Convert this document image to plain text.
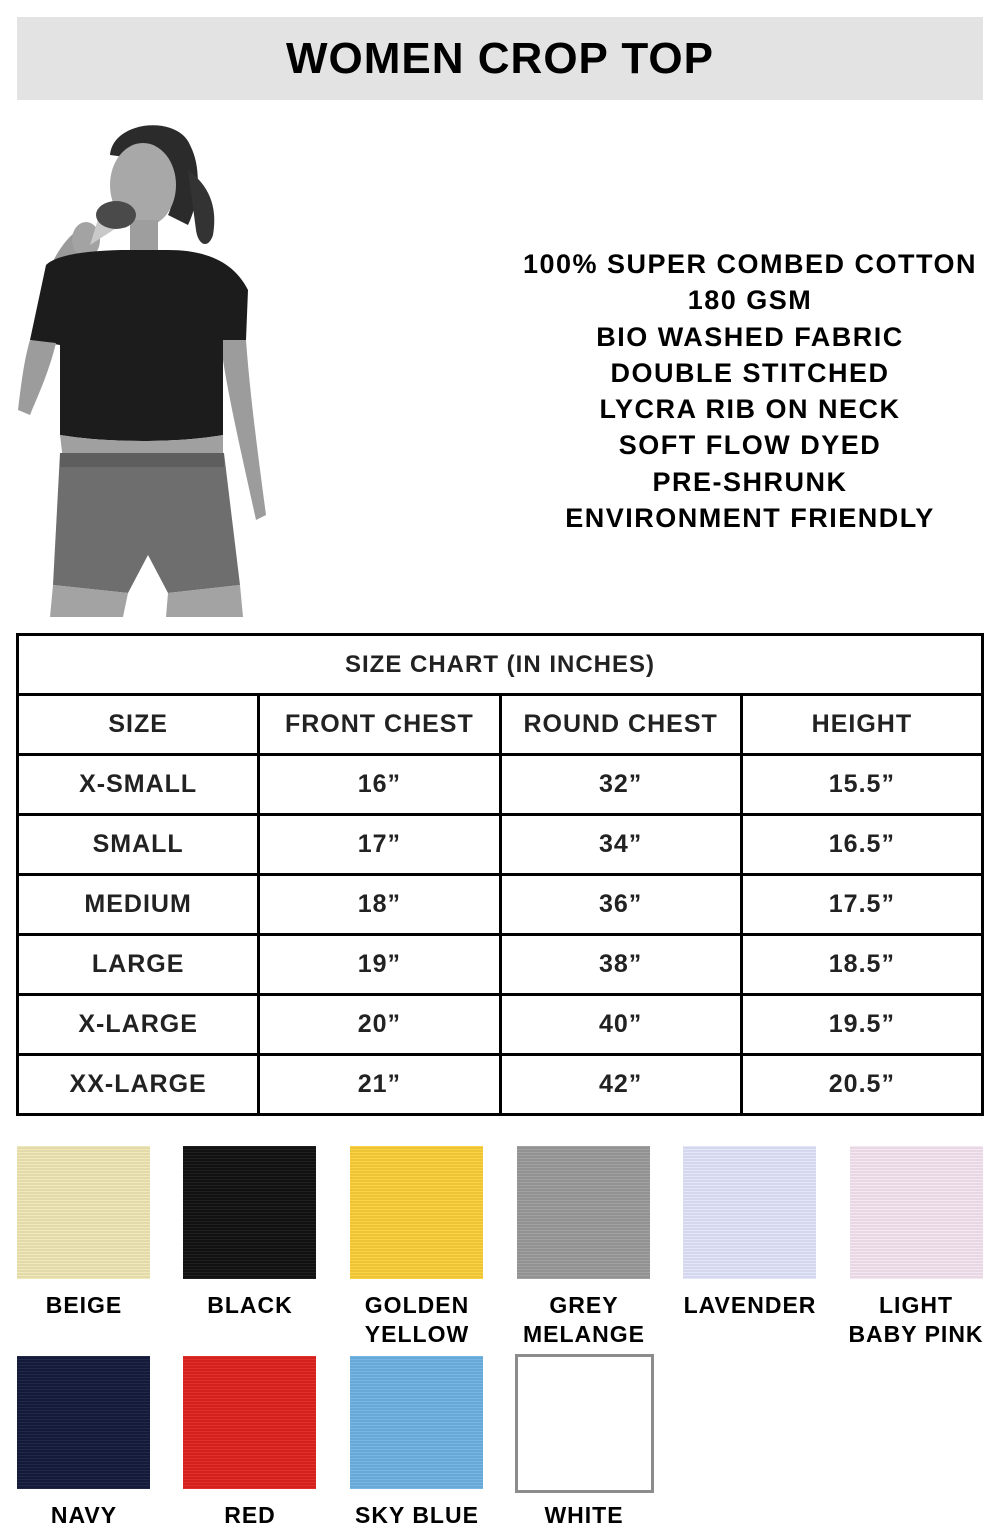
WOMEN CROP TOP
100% SUPER COMBED COTTON
180 GSM
BIO WASHED FABRIC
DOUBLE STITCHED
LYCRA RIB ON NECK
SOFT FLOW DYED
PRE-SHRUNK
ENVIRONMENT FRIENDLY
SIZE CHART (IN INCHES)			
SIZE	FRONT CHEST	ROUND CHEST	HEIGHT
X-SMALL	16”	32”	15.5”
SMALL	17”	34”	16.5”
MEDIUM	18”	36”	17.5”
LARGE	19”	38”	18.5”
X-LARGE	20”	40”	19.5”
XX-LARGE	21”	42”	20.5”
BEIGE	BLACK	GOLDEN
YELLOW
GREY
MELANGE
LAVENDER	LIGHT
BABY PINK
NAVY	RED	SKY BLUE	WHITE
